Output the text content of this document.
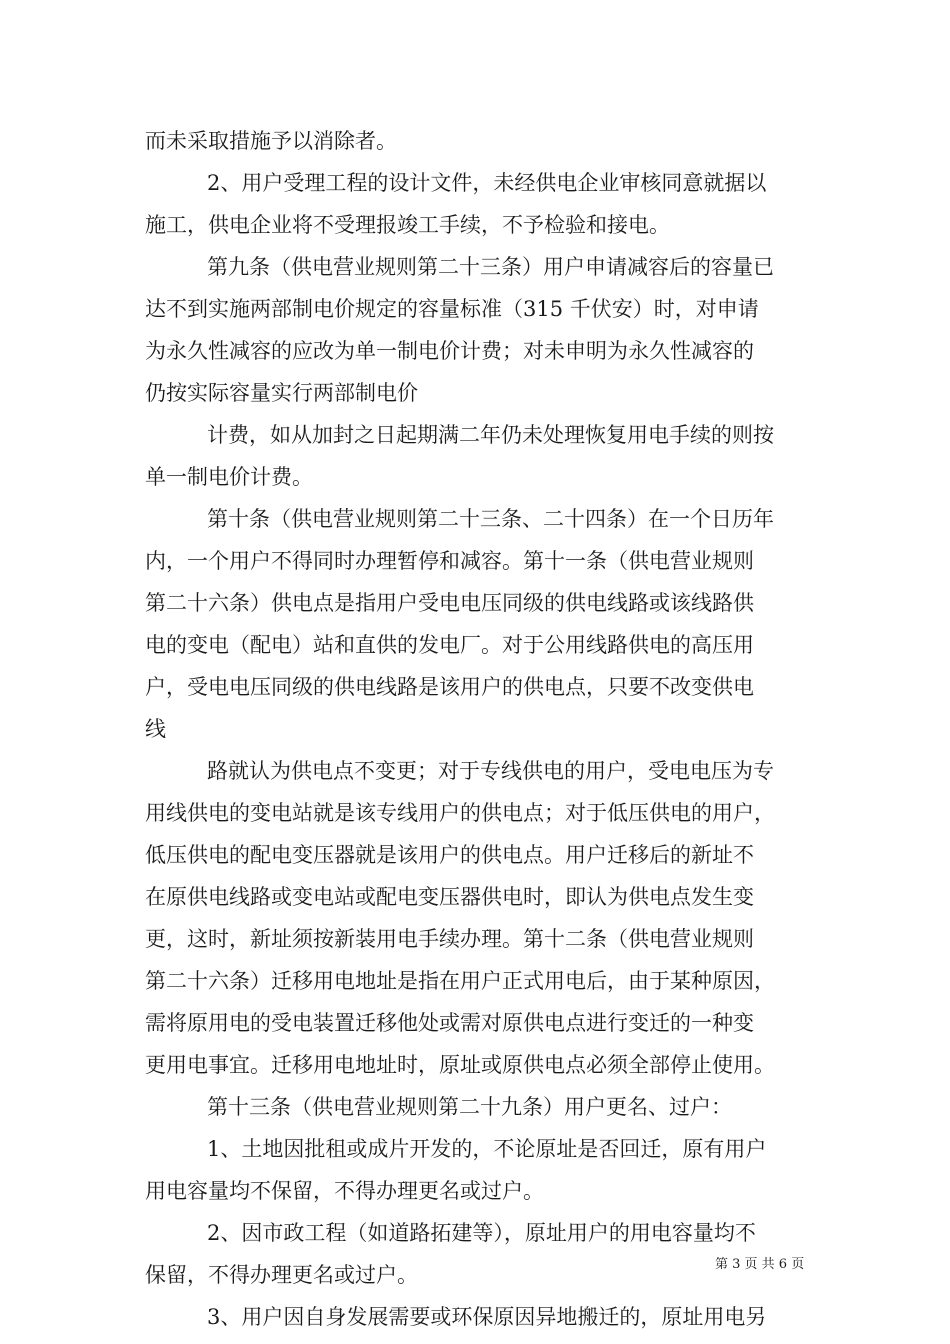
而未采取措施予以消除者。
2、用户受理工程的设计文件，未经供电企业审核同意就据以
施工，供电企业将不受理报竣工手续，不予检验和接电。
第九条（供电营业规则第二十三条）用户申请减容后的容量已
达不到实施两部制电价规定的容量标准（315 千伏安）时，对申请
为永久性减容的应改为单一制电价计费；对未申明为永久性减容的
仍按实际容量实行两部制电价
计费，如从加封之日起期满二年仍未处理恢复用电手续的则按
单一制电价计费。
第十条（供电营业规则第二十三条、二十四条）在一个日历年
内，一个用户不得同时办理暂停和减容。第十一条（供电营业规则
第二十六条）供电点是指用户受电电压同级的供电线路或该线路供
电的变电（配电）站和直供的发电厂。对于公用线路供电的高压用
户，受电电压同级的供电线路是该用户的供电点，只要不改变供电
线
路就认为供电点不变更；对于专线供电的用户，受电电压为专
用线供电的变电站就是该专线用户的供电点；对于低压供电的用户，
低压供电的配电变压器就是该用户的供电点。用户迁移后的新址不
在原供电线路或变电站或配电变压器供电时，即认为供电点发生变
更，这时，新址须按新装用电手续办理。第十二条（供电营业规则
第二十六条）迁移用电地址是指在用户正式用电后，由于某种原因，
需将原用电的受电装置迁移他处或需对原供电点进行变迁的一种变
更用电事宜。迁移用电地址时，原址或原供电点必须全部停止使用。
第十三条（供电营业规则第二十九条）用户更名、过户：
1、土地因批租或成片开发的，不论原址是否回迁，原有用户
用电容量均不保留，不得办理更名或过户。
2、因市政工程（如道路拓建等），原址用户的用电容量均不
保留，不得办理更名或过户。
3、用户因自身发展需要或环保原因异地搬迁的，原址用电另
第 3 页 共 6 页
